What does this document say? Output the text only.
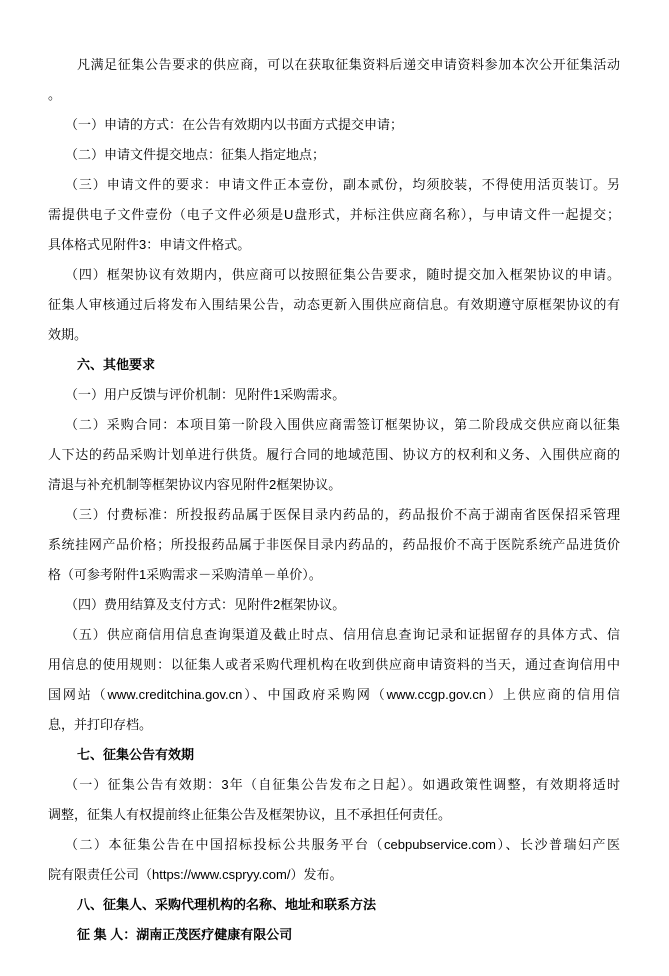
凡满足征集公告要求的供应商，可以在获取征集资料后递交申请资料参加本次公开征集活动
。
（一）申请的方式：在公告有效期内以书面方式提交申请；
（二）申请文件提交地点：征集人指定地点；
（三）申请文件的要求：申请文件正本壹份，副本贰份，均须胶装，不得使用活页装订。另
需提供电子文件壹份（电子文件必须是U盘形式，并标注供应商名称），与申请文件一起提交；
具体格式见附件3：申请文件格式。
（四）框架协议有效期内，供应商可以按照征集公告要求，随时提交加入框架协议的申请。
征集人审核通过后将发布入围结果公告，动态更新入围供应商信息。有效期遵守原框架协议的有
效期。
六、其他要求
（一）用户反馈与评价机制：见附件1采购需求。
（二）采购合同：本项目第一阶段入围供应商需签订框架协议，第二阶段成交供应商以征集
人下达的药品采购计划单进行供货。履行合同的地域范围、协议方的权利和义务、入围供应商的
清退与补充机制等框架协议内容见附件2框架协议。
（三）付费标准：所投报药品属于医保目录内药品的，药品报价不高于湖南省医保招采管理
系统挂网产品价格；所投报药品属于非医保目录内药品的，药品报价不高于医院系统产品进货价
格（可参考附件1采购需求－采购清单－单价）。
（四）费用结算及支付方式：见附件2框架协议。
（五）供应商信用信息查询渠道及截止时点、信用信息查询记录和证据留存的具体方式、信
用信息的使用规则：以征集人或者采购代理机构在收到供应商申请资料的当天，通过查询信用中
国网站（www.creditchina.gov.cn）、中国政府采购网（www.ccgp.gov.cn）上供应商的信用信
息，并打印存档。
七、征集公告有效期
（一）征集公告有效期：3年（自征集公告发布之日起）。如遇政策性调整，有效期将适时
调整，征集人有权提前终止征集公告及框架协议，且不承担任何责任。
（二）本征集公告在中国招标投标公共服务平台（cebpubservice.com）、长沙普瑞妇产医
院有限责任公司（https://www.cspryy.com/）发布。
八、征集人、采购代理机构的名称、地址和联系方法
征 集 人：湖南正茂医疗健康有限公司
